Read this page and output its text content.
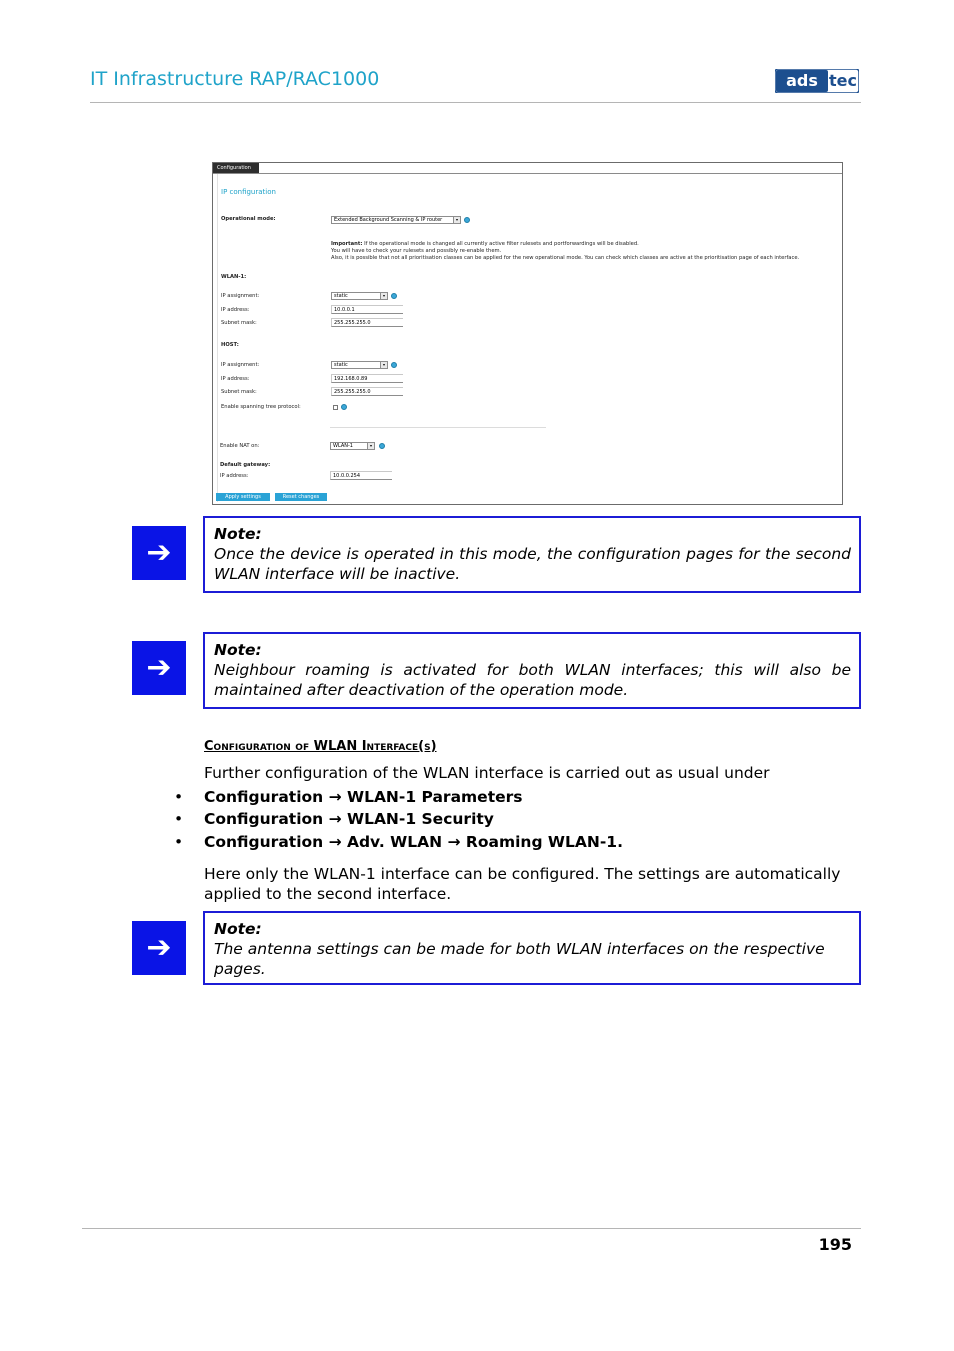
IT Infrastructure RAP/RAC1000	ads tec
Configuration
IP configuration
Operational mode:	Extended Background Scanning & IP router	▾
Important: If the operational mode is changed all currently active filter rulesets and portforwardings will be disabled.
You will have to check your rulesets and possibly re-enable them.
Also, it is possible that not all prioritisation classes can be applied for the new operational mode. You can check which classes are active at the prioritisation page of each interface.
WLAN-1:
IP assignment:	static	▾
IP address:	10.0.0.1
Subnet mask:	255.255.255.0
HOST:
IP assignment:	static	▾
IP address:	192.168.0.89
Subnet mask:	255.255.255.0
Enable spanning tree protocol:
Enable NAT on:	WLAN-1	▾
Default gateway:
IP address:	10.0.0.254
Apply settings	Reset changes
➔
Note:
Once the device is operated in this mode, the configuration pages for the second WLAN interface will be inactive.
➔	Note:
Neighbour roaming is activated for both WLAN interfaces; this will also be maintained after deactivation of the operation mode.
Configuration of WLAN Interface(s)
Further configuration of the WLAN interface is carried out as usual under
• Configuration → WLAN-1 Parameters
• Configuration → WLAN-1 Security
• Configuration → Adv. WLAN → Roaming WLAN-1.
Here only the WLAN-1 interface can be configured. The settings are automatically applied to the second interface.
➔
Note:
The antenna settings can be made for both WLAN interfaces on the respective pages.
195
